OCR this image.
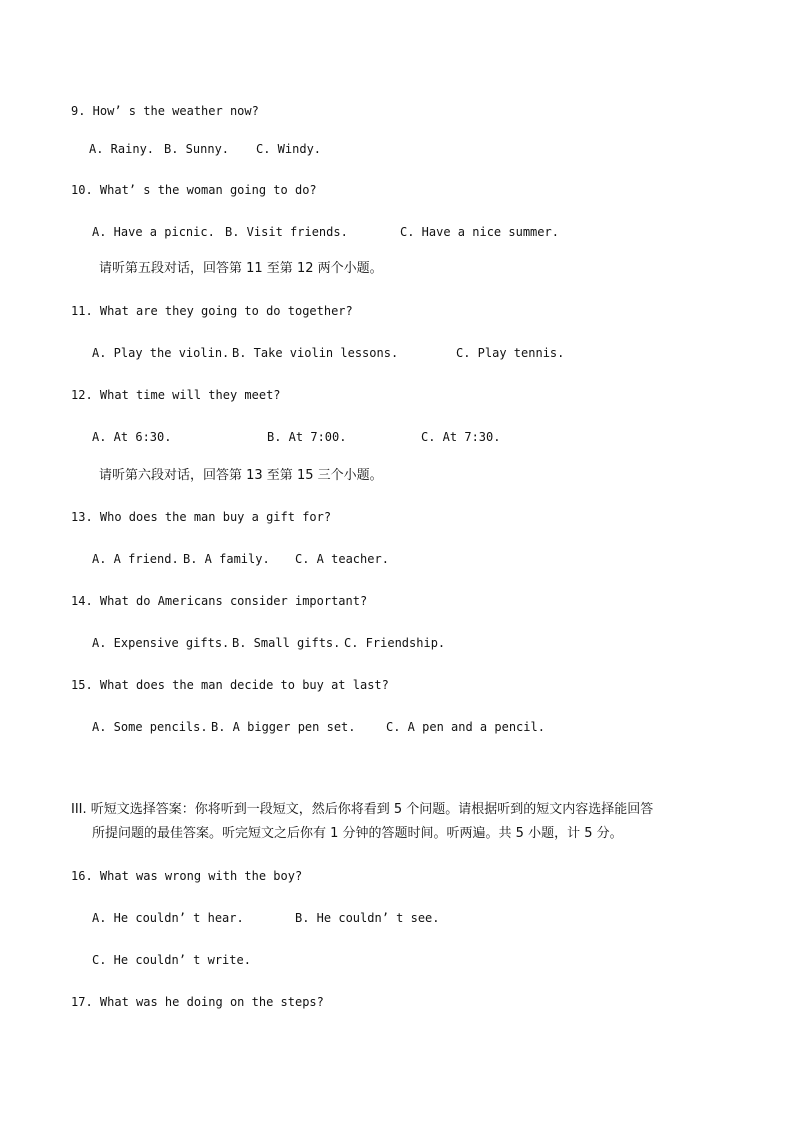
9. How’ s the weather now?

A. Rainy.

B. Sunny.

C. Windy.

10. What’ s the woman going to do?

A. Have a picnic.

B. Visit friends.

	C. Have a nice summer.

请听第五段对话，回答第 11 至第 12 两个小题。
11. What are they going to do together?

A. Play the violin.

B. Take violin lessons.

	C. Play tennis.

12. What time will they meet?

A. At 6:30.

	B. At 7:00.

	C. At 7:30.

请听第六段对话，回答第 13 至第 15 三个小题。
13. Who does the man buy a gift for?

A. A friend.

B. A family.

C. A teacher.

14. What do Americans consider important?

A. Expensive gifts.

B. Small gifts.

C. Friendship.

15. What does the man decide to buy at last?

A. Some pencils.

B. A bigger pen set.

	C. A pen and a pencil.

III. 听短文选择答案：你将听到一段短文，然后你将看到 5 个问题。请根据听到的短文内容选择能回答
所提问题的最佳答案。听完短文之后你有 1 分钟的答题时间。听两遍。共 5 小题，计 5 分。
16. What was wrong with the boy?

A. He couldn’ t hear.

	B. He couldn’ t see.

C. He couldn’ t write.
17. What was he doing on the steps?
